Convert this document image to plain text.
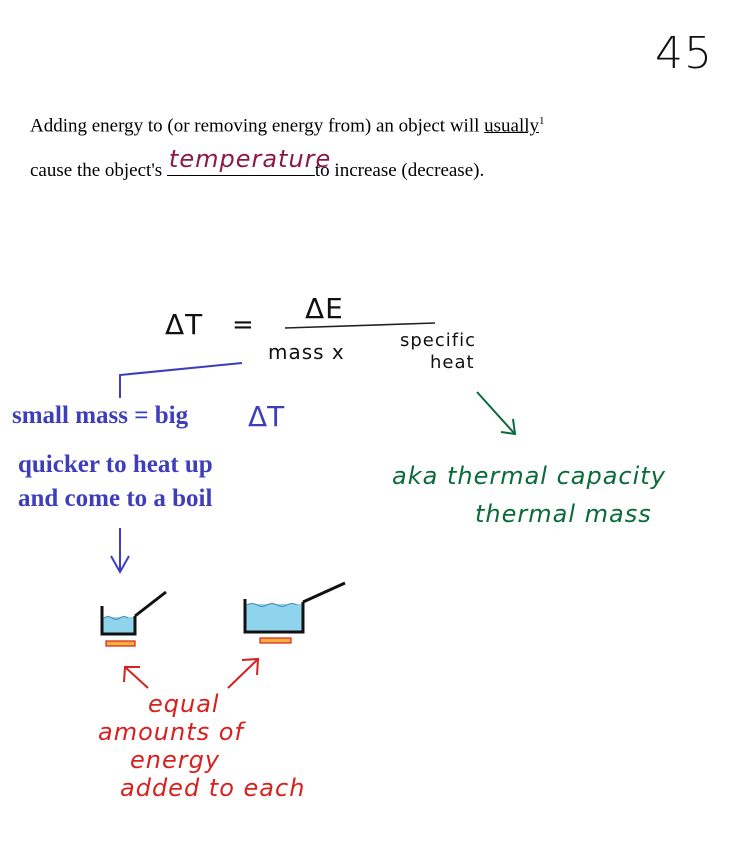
45

Adding energy to (or removing energy from) an object will usually$^1$

cause the object's temperature
to increase (decrease).

ΔT = ΔE
mass x	specific
heat
small mass = big ΔT
quicker to heat up
and come to a boil
aka thermal capacity
thermal mass
equal
amounts of
energy
added to each
